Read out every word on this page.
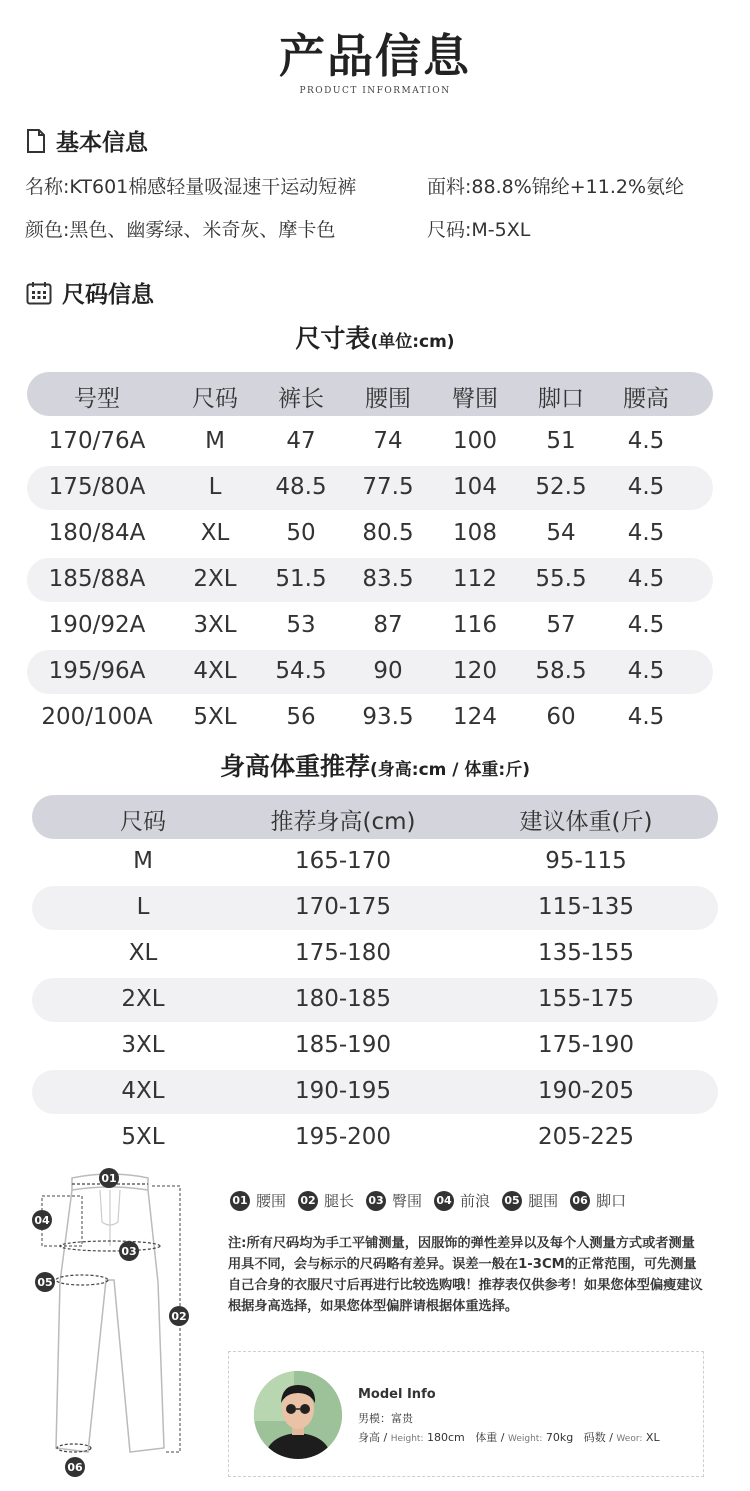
产品信息
PRODUCT INFORMATION
基本信息
名称:KT601棉感轻量吸湿速干运动短裤	面料:88.8%锦纶+11.2%氨纶
颜色:黑色、幽雾绿、米奇灰、摩卡色	尺码:M-5XL
尺码信息
尺寸表(单位:cm)
号型	尺码 裤长 腰围 臀围 脚口 腰高
170/76A	M	47	74 100 51 4.5
175/80A	L 48.5 77.5 104 52.5 4.5
180/84A XL 50 80.5 108 54 4.5
185/88A 2XL 51.5 83.5 112 55.5 4.5
190/92A 3XL 53	87 116 57 4.5
195/96A 4XL 54.5 90 120 58.5 4.5
200/100A 5XL 56 93.5 124 60 4.5
身高体重推荐(身高:cm / 体重:斤)
尺码	推荐身高(cm)	建议体重(斤)
M	165-170	95-115
L	170-175	115-135
XL	175-180	135-155
2XL	180-185	155-175
3XL	185-190	175-190
4XL	190-195	190-205
5XL	195-200	205-225
01
04
03
05
02
06
01 腰围 02 腿长 03 臀围 04 前浪 05 腿围 06 脚口
注:所有尺码均为手工平铺测量，因服饰的弹性差异以及每个人测量方式或者测量用具不同，会与标示的尺码略有差异。误差一般在1-3CM的正常范围，可先测量自己合身的衣服尺寸后再进行比较选购哦！推荐表仅供参考！如果您体型偏瘦建议根据身高选择，如果您体型偏胖请根据体重选择。
Model Info
男模：富贵
身高 / Height: 180cm 体重 / Weight: 70kg 码数 / Weor: XL
